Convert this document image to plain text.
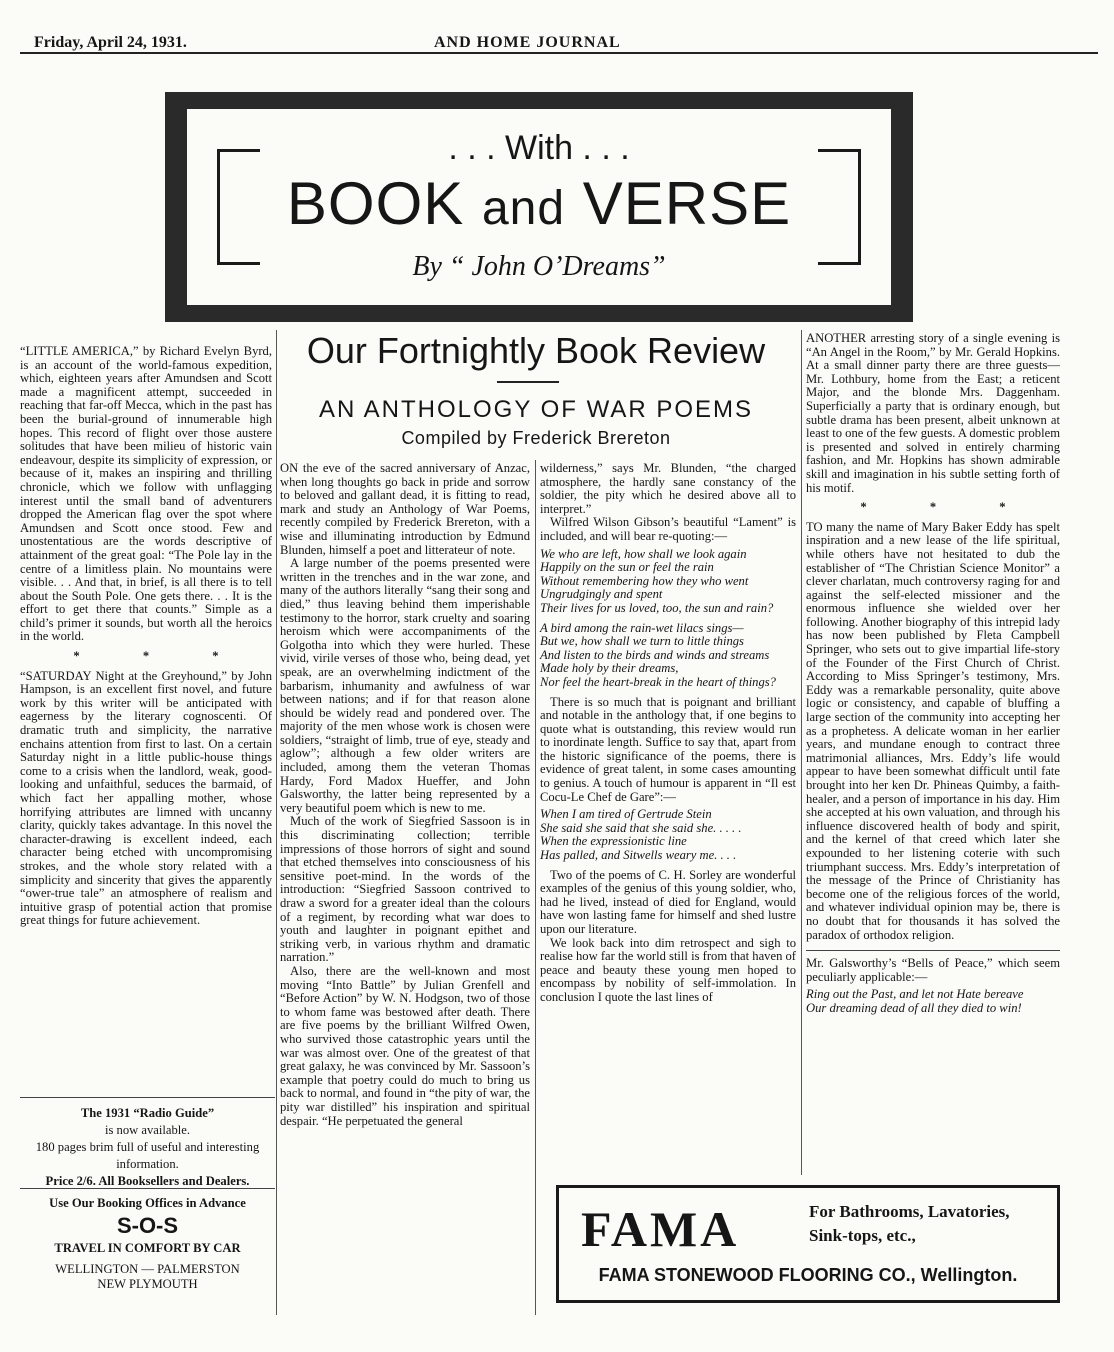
Friday, April 24, 1931.	AND HOME JOURNAL
. . . With . . .
BOOK and VERSE
By “ John O’Dreams”

“LITTLE AMERICA,” by Richard Evelyn Byrd, is an account of the world-famous expedition, which, eighteen years after Amundsen and Scott made a magnificent attempt, succeeded in reaching that far-off Mecca, which in the past has been the burial-ground of innumerable high hopes. This record of flight over those austere solitudes that have been milieu of historic vain endeavour, despite its simplicity of expression, or because of it, makes an inspiring and thrilling chronicle, which we follow with unflagging interest until the small band of adventurers dropped the American flag over the spot where Amundsen and Scott once stood. Few and unostentatious are the words descriptive of attainment of the great goal: “The Pole lay in the centre of a limitless plain. No mountains were visible. . . And that, in brief, is all there is to tell about the South Pole. One gets there. . . It is the effort to get there that counts.” Simple as a child’s primer it sounds, but worth all the heroics in the world.

* * *

“SATURDAY Night at the Greyhound,” by John Hampson, is an excellent first novel, and future work by this writer will be anticipated with eagerness by the literary cognoscenti. Of dramatic truth and simplicity, the narrative enchains attention from first to last. On a certain Saturday night in a little public-house things come to a crisis when the landlord, weak, good-looking and unfaithful, seduces the barmaid, of which fact her appalling mother, whose horrifying attributes are limned with uncanny clarity, quickly takes advantage. In this novel the character-drawing is excellent indeed, each character being etched with uncompromising strokes, and the whole story related with a simplicity and sincerity that gives the apparently “ower-true tale” an atmosphere of realism and intuitive grasp of potential action that promise great things for future achievement.

The 1931 “Radio Guide”
is now available.
180 pages brim full of useful and interesting information.
Price 2/6. All Booksellers and Dealers.
Use Our Booking Offices in Advance
S-O-S
TRAVEL IN COMFORT BY CAR
WELLINGTON — PALMERSTON
NEW PLYMOUTH
Our Fortnightly Book Review
AN ANTHOLOGY OF WAR POEMS
Compiled by Frederick Brereton

ON the eve of the sacred anniversary of Anzac, when long thoughts go back in pride and sorrow to beloved and gallant dead, it is fitting to read, mark and study an Anthology of War Poems, recently compiled by Frederick Brereton, with a wise and illuminating introduction by Edmund Blunden, himself a poet and litterateur of note.

A large number of the poems presented were written in the trenches and in the war zone, and many of the authors literally “sang their song and died,” thus leaving behind them imperishable testimony to the horror, stark cruelty and soaring heroism which were accompaniments of the Golgotha into which they were hurled. These vivid, virile verses of those who, being dead, yet speak, are an overwhelming indictment of the barbarism, inhumanity and awfulness of war between nations; and if for that reason alone should be widely read and pondered over. The majority of the men whose work is chosen were soldiers, “straight of limb, true of eye, steady and aglow”; although a few older writers are included, among them the veteran Thomas Hardy, Ford Madox Hueffer, and John Galsworthy, the latter being represented by a very beautiful poem which is new to me.

Much of the work of Siegfried Sassoon is in this discriminating collection; terrible impressions of those horrors of sight and sound that etched themselves into consciousness of his sensitive poet-mind. In the words of the introduction: “Siegfried Sassoon contrived to draw a sword for a greater ideal than the colours of a regiment, by recording what war does to youth and laughter in poignant epithet and striking verb, in various rhythm and dramatic narration.”

Also, there are the well-known and most moving “Into Battle” by Julian Grenfell and “Before Action” by W. N. Hodgson, two of those to whom fame was bestowed after death. There are five poems by the brilliant Wilfred Owen, who survived those catastrophic years until the war was almost over. One of the greatest of that great galaxy, he was convinced by Mr. Sassoon’s example that poetry could do much to bring us back to normal, and found in “the pity of war, the pity war distilled” his inspiration and spiritual despair. “He perpetuated the general

wilderness,” says Mr. Blunden, “the charged atmosphere, the hardly sane constancy of the soldier, the pity which he desired above all to interpret.”

Wilfred Wilson Gibson’s beautiful “Lament” is included, and will bear re-quoting:—

We who are left, how shall we look again
Happily on the sun or feel the rain
Without remembering how they who went
Ungrudgingly and spent
Their lives for us loved, too, the sun and rain?
A bird among the rain-wet lilacs sings—
But we, how shall we turn to little things
And listen to the birds and winds and streams
Made holy by their dreams,
Nor feel the heart-break in the heart of things?

There is so much that is poignant and brilliant and notable in the anthology that, if one begins to quote what is outstanding, this review would run to inordinate length. Suffice to say that, apart from the historic significance of the poems, there is evidence of great talent, in some cases amounting to genius. A touch of humour is apparent in “Il est Cocu-Le Chef de Gare”:—

When I am tired of Gertrude Stein
She said she said that she said she. . . . .
When the expressionistic line
Has palled, and Sitwells weary me. . . .

Two of the poems of C. H. Sorley are wonderful examples of the genius of this young soldier, who, had he lived, instead of died for England, would have won lasting fame for himself and shed lustre upon our literature.

We look back into dim retrospect and sigh to realise how far the world still is from that haven of peace and beauty these young men hoped to encompass by nobility of self-immolation. In conclusion I quote the last lines of

ANOTHER arresting story of a single evening is “An Angel in the Room,” by Mr. Gerald Hopkins. At a small dinner party there are three guests—Mr. Lothbury, home from the East; a reticent Major, and the blonde Mrs. Daggenham. Superficially a party that is ordinary enough, but subtle drama has been present, albeit unknown at least to one of the few guests. A domestic problem is presented and solved in entirely charming fashion, and Mr. Hopkins has shown admirable skill and imagination in his subtle setting forth of his motif.

* * *

TO many the name of Mary Baker Eddy has spelt inspiration and a new lease of the life spiritual, while others have not hesitated to dub the establisher of “The Christian Science Monitor” a clever charlatan, much controversy raging for and against the self-elected missioner and the enormous influence she wielded over her following. Another biography of this intrepid lady has now been published by Fleta Campbell Springer, who sets out to give impartial life-story of the Founder of the First Church of Christ. According to Miss Springer’s testimony, Mrs. Eddy was a remarkable personality, quite above logic or consistency, and capable of bluffing a large section of the community into accepting her as a prophetess. A delicate woman in her earlier years, and mundane enough to contract three matrimonial alliances, Mrs. Eddy’s life would appear to have been somewhat difficult until fate brought into her ken Dr. Phineas Quimby, a faith-healer, and a person of importance in his day. Him she accepted at his own valuation, and through his influence discovered health of body and spirit, and the kernel of that creed which later she expounded to her listening coterie with such triumphant success. Mrs. Eddy’s interpretation of the message of the Prince of Christianity has become one of the religious forces of the world, and whatever individual opinion may be, there is no doubt that for thousands it has solved the paradox of orthodox religion.

Mr. Galsworthy’s “Bells of Peace,” which seem peculiarly applicable:—

Ring out the Past, and let not Hate bereave
Our dreaming dead of all they died to win!
FAMA	For Bathrooms, Lavatories,
Sink-tops, etc.,
FAMA STONEWOOD FLOORING CO., Wellington.
